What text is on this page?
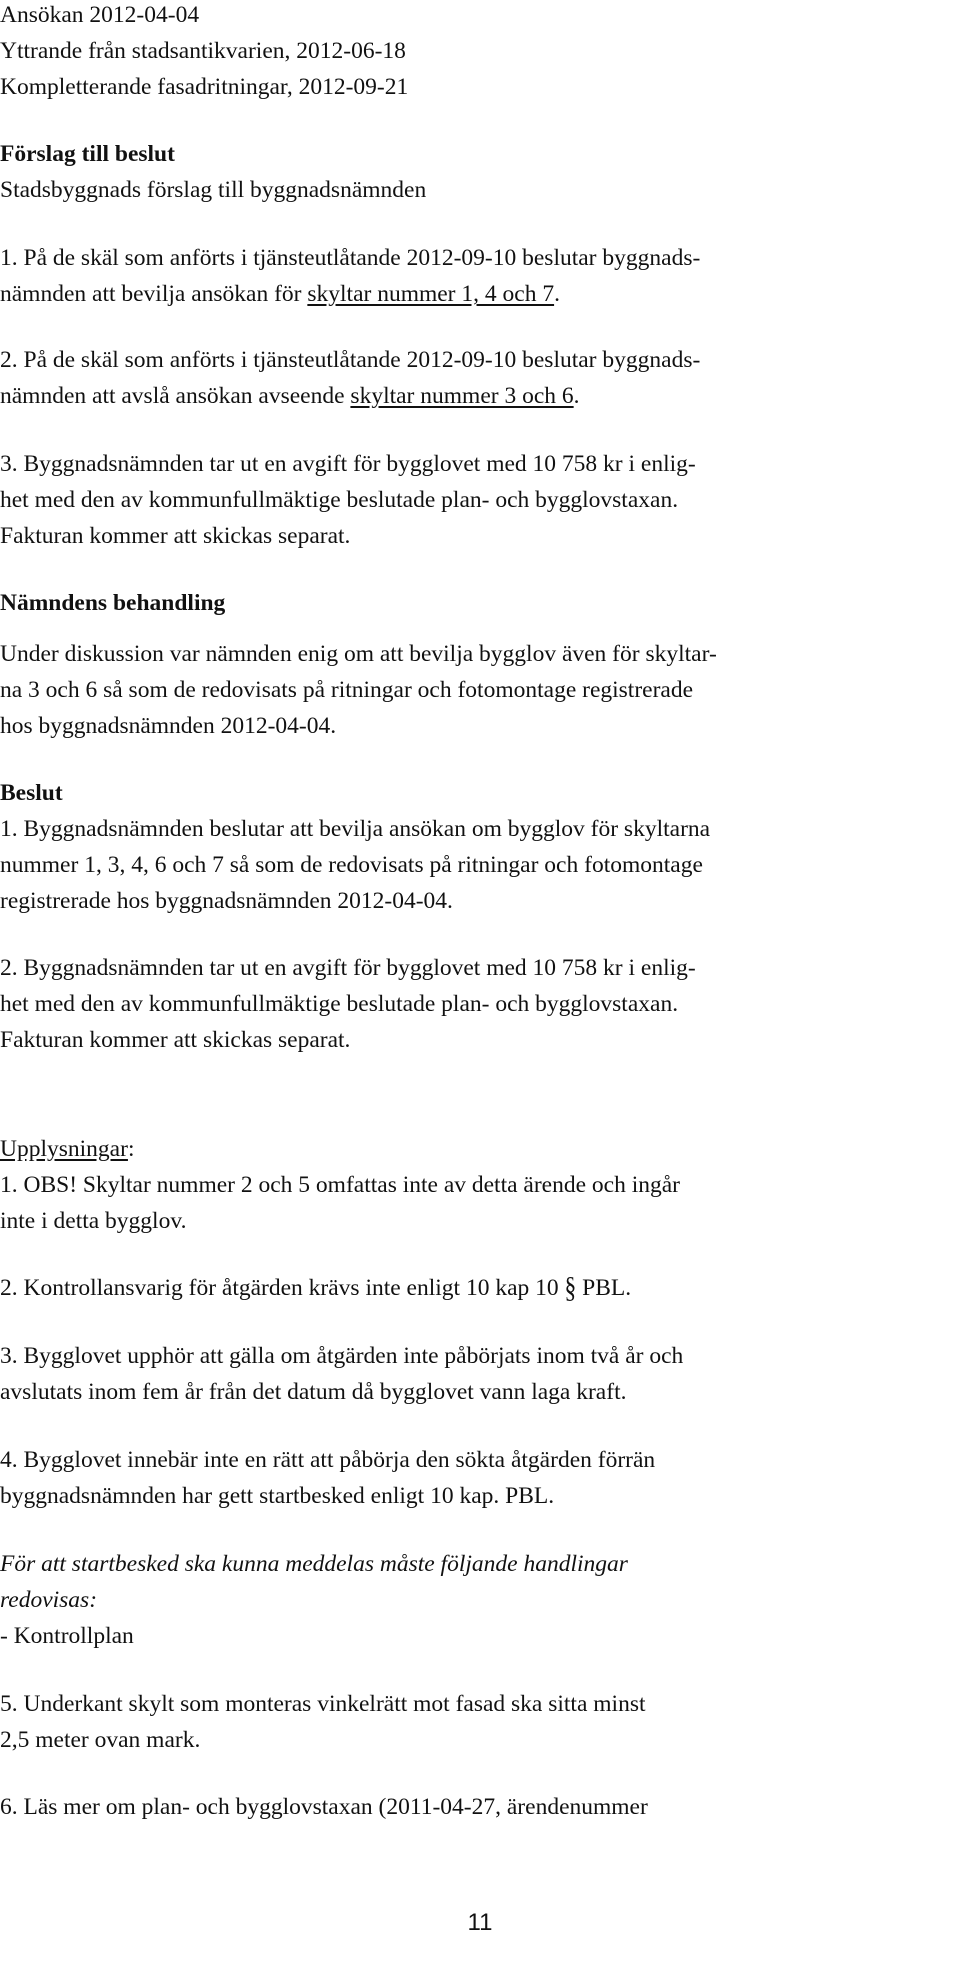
Ansökan 2012-04-04
Yttrande från stadsantikvarien, 2012-06-18
Kompletterande fasadritningar, 2012-09-21
Förslag till beslut
Stadsbyggnads förslag till byggnadsnämnden
1. På de skäl som anförts i tjänsteutlåtande 2012-09-10 beslutar byggnads-
nämnden att bevilja ansökan för skyltar nummer 1, 4 och 7.
2. På de skäl som anförts i tjänsteutlåtande 2012-09-10 beslutar byggnads-
nämnden att avslå ansökan avseende skyltar nummer 3 och 6.
3. Byggnadsnämnden tar ut en avgift för bygglovet med 10 758 kr i enlig-
het med den av kommunfullmäktige beslutade plan- och bygglovstaxan.
Fakturan kommer att skickas separat.
Nämndens behandling
Under diskussion var nämnden enig om att bevilja bygglov även för skyltar-
na 3 och 6 så som de redovisats på ritningar och fotomontage registrerade
hos byggnadsnämnden 2012-04-04.
Beslut
1. Byggnadsnämnden beslutar att bevilja ansökan om bygglov för skyltarna
nummer 1, 3, 4, 6 och 7 så som de redovisats på ritningar och fotomontage
registrerade hos byggnadsnämnden 2012-04-04.
2. Byggnadsnämnden tar ut en avgift för bygglovet med 10 758 kr i enlig-
het med den av kommunfullmäktige beslutade plan- och bygglovstaxan.
Fakturan kommer att skickas separat.
Upplysningar:
1. OBS! Skyltar nummer 2 och 5 omfattas inte av detta ärende och ingår
inte i detta bygglov.
2. Kontrollansvarig för åtgärden krävs inte enligt 10 kap 10 § PBL.
3. Bygglovet upphör att gälla om åtgärden inte påbörjats inom två år och
avslutats inom fem år från det datum då bygglovet vann laga kraft.
4. Bygglovet innebär inte en rätt att påbörja den sökta åtgärden förrän
byggnadsnämnden har gett startbesked enligt 10 kap. PBL.
För att startbesked ska kunna meddelas måste följande handlingar
redovisas:
- Kontrollplan
5. Underkant skylt som monteras vinkelrätt mot fasad ska sitta minst
2,5 meter ovan mark.
6. Läs mer om plan- och bygglovstaxan (2011-04-27, ärendenummer
11
